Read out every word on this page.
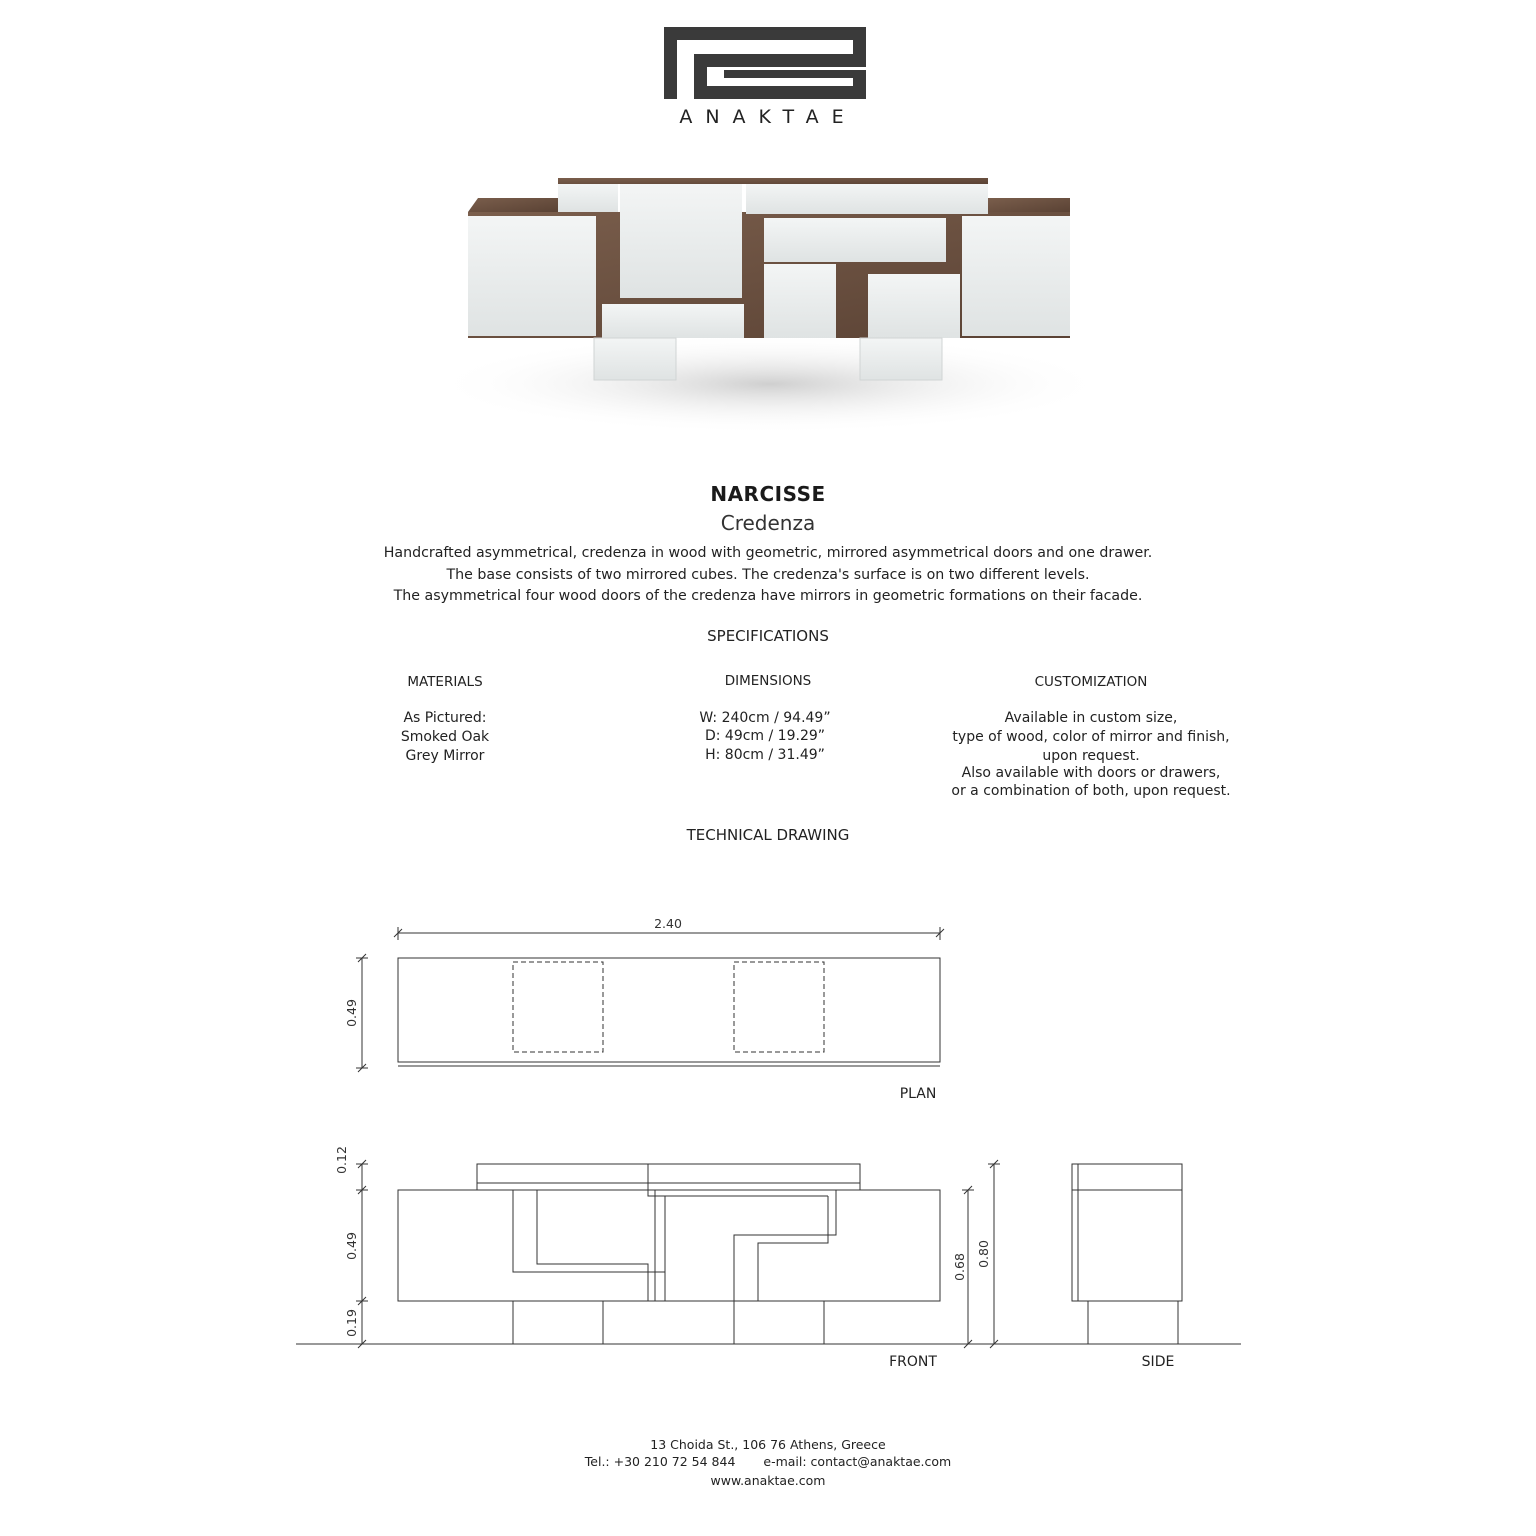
ANAKTAE
NARCISSE
Credenza
Handcrafted asymmetrical, credenza in wood with geometric, mirrored asymmetrical doors and one drawer.
The base consists of two mirrored cubes. The credenza's surface is on two different levels.
The asymmetrical four wood doors of the credenza have mirrors in geometric formations on their facade.
SPECIFICATIONS
MATERIALS
As Pictured:
Smoked Oak
Grey Mirror
DIMENSIONS
W: 240cm / 94.49”
D: 49cm / 19.29”
H: 80cm / 31.49”
CUSTOMIZATION
Available in custom size,
type of wood, color of mirror and finish,
upon request.
Also available with doors or drawers,
or a combination of both, upon request.
TECHNICAL DRAWING
2.40
0.49
PLAN
0.12
0.49
0.19
0.68 0.80
FRONT	SIDE
13 Choida St., 106 76 Athens, Greece
Tel.: +30 210 72 54 844 e-mail: contact@anaktae.com
www.anaktae.com
